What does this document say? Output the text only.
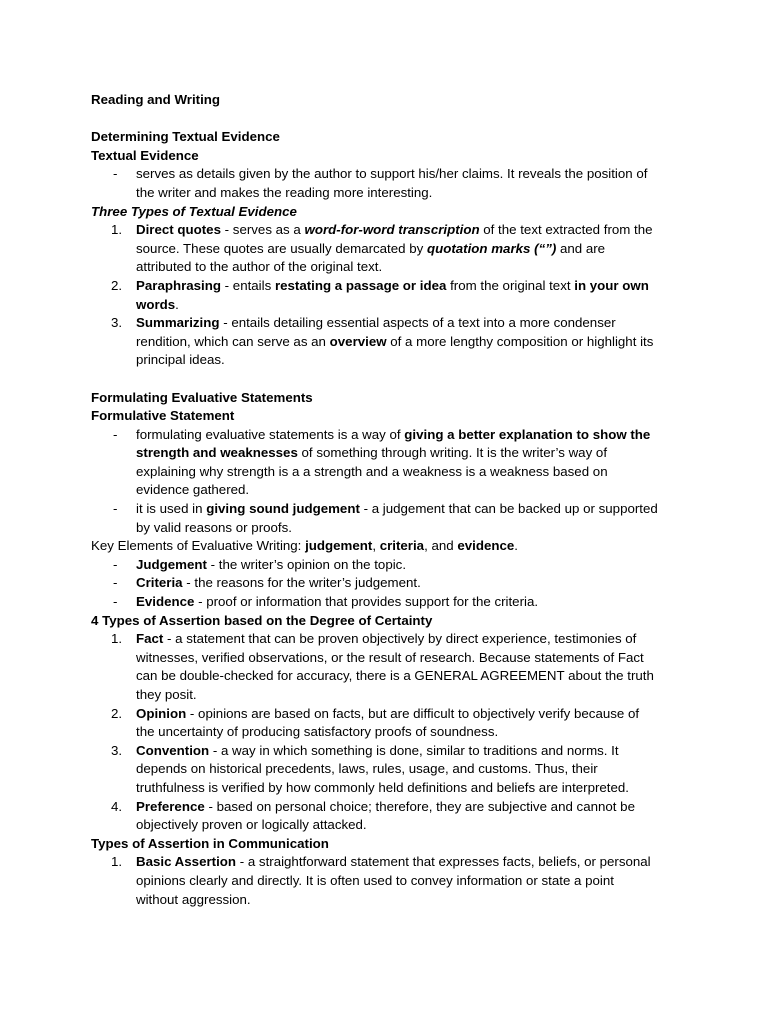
Reading and Writing

Determining Textual Evidence

Textual Evidence

-	serves as details given by the author to support his/her claims. It reveals the position of
the writer and makes the reading more interesting.

Three Types of Textual Evidence

1.	Direct quotes - serves as a word-for-word transcription of the text extracted from the
source. These quotes are usually demarcated by quotation marks (“”) and are
attributed to the author of the original text.
2.	Paraphrasing - entails restating a passage or idea from the original text in your own
words.
3.	Summarizing - entails detailing essential aspects of a text into a more condenser
rendition, which can serve as an overview of a more lengthy composition or highlight its
principal ideas.

Formulating Evaluative Statements

Formulative Statement

-	formulating evaluative statements is a way of giving a better explanation to show the
strength and weaknesses of something through writing. It is the writer’s way of
explaining why strength is a a strength and a weakness is a weakness based on
evidence gathered.
-	it is used in giving sound judgement - a judgement that can be backed up or supported
by valid reasons or proofs.

Key Elements of Evaluative Writing: judgement, criteria, and evidence.

-	Judgement - the writer’s opinion on the topic.
-	Criteria - the reasons for the writer’s judgement.
-	Evidence - proof or information that provides support for the criteria.

4 Types of Assertion based on the Degree of Certainty

1.	Fact - a statement that can be proven objectively by direct experience, testimonies of
witnesses, verified observations, or the result of research. Because statements of Fact
can be double-checked for accuracy, there is a GENERAL AGREEMENT about the truth
they posit.
2.	Opinion - opinions are based on facts, but are difficult to objectively verify because of
the uncertainty of producing satisfactory proofs of soundness.
3.	Convention - a way in which something is done, similar to traditions and norms. It
depends on historical precedents, laws, rules, usage, and customs. Thus, their
truthfulness is verified by how commonly held definitions and beliefs are interpreted.
4.	Preference - based on personal choice; therefore, they are subjective and cannot be
objectively proven or logically attacked.

Types of Assertion in Communication

1.	Basic Assertion - a straightforward statement that expresses facts, beliefs, or personal
opinions clearly and directly. It is often used to convey information or state a point
without aggression.
